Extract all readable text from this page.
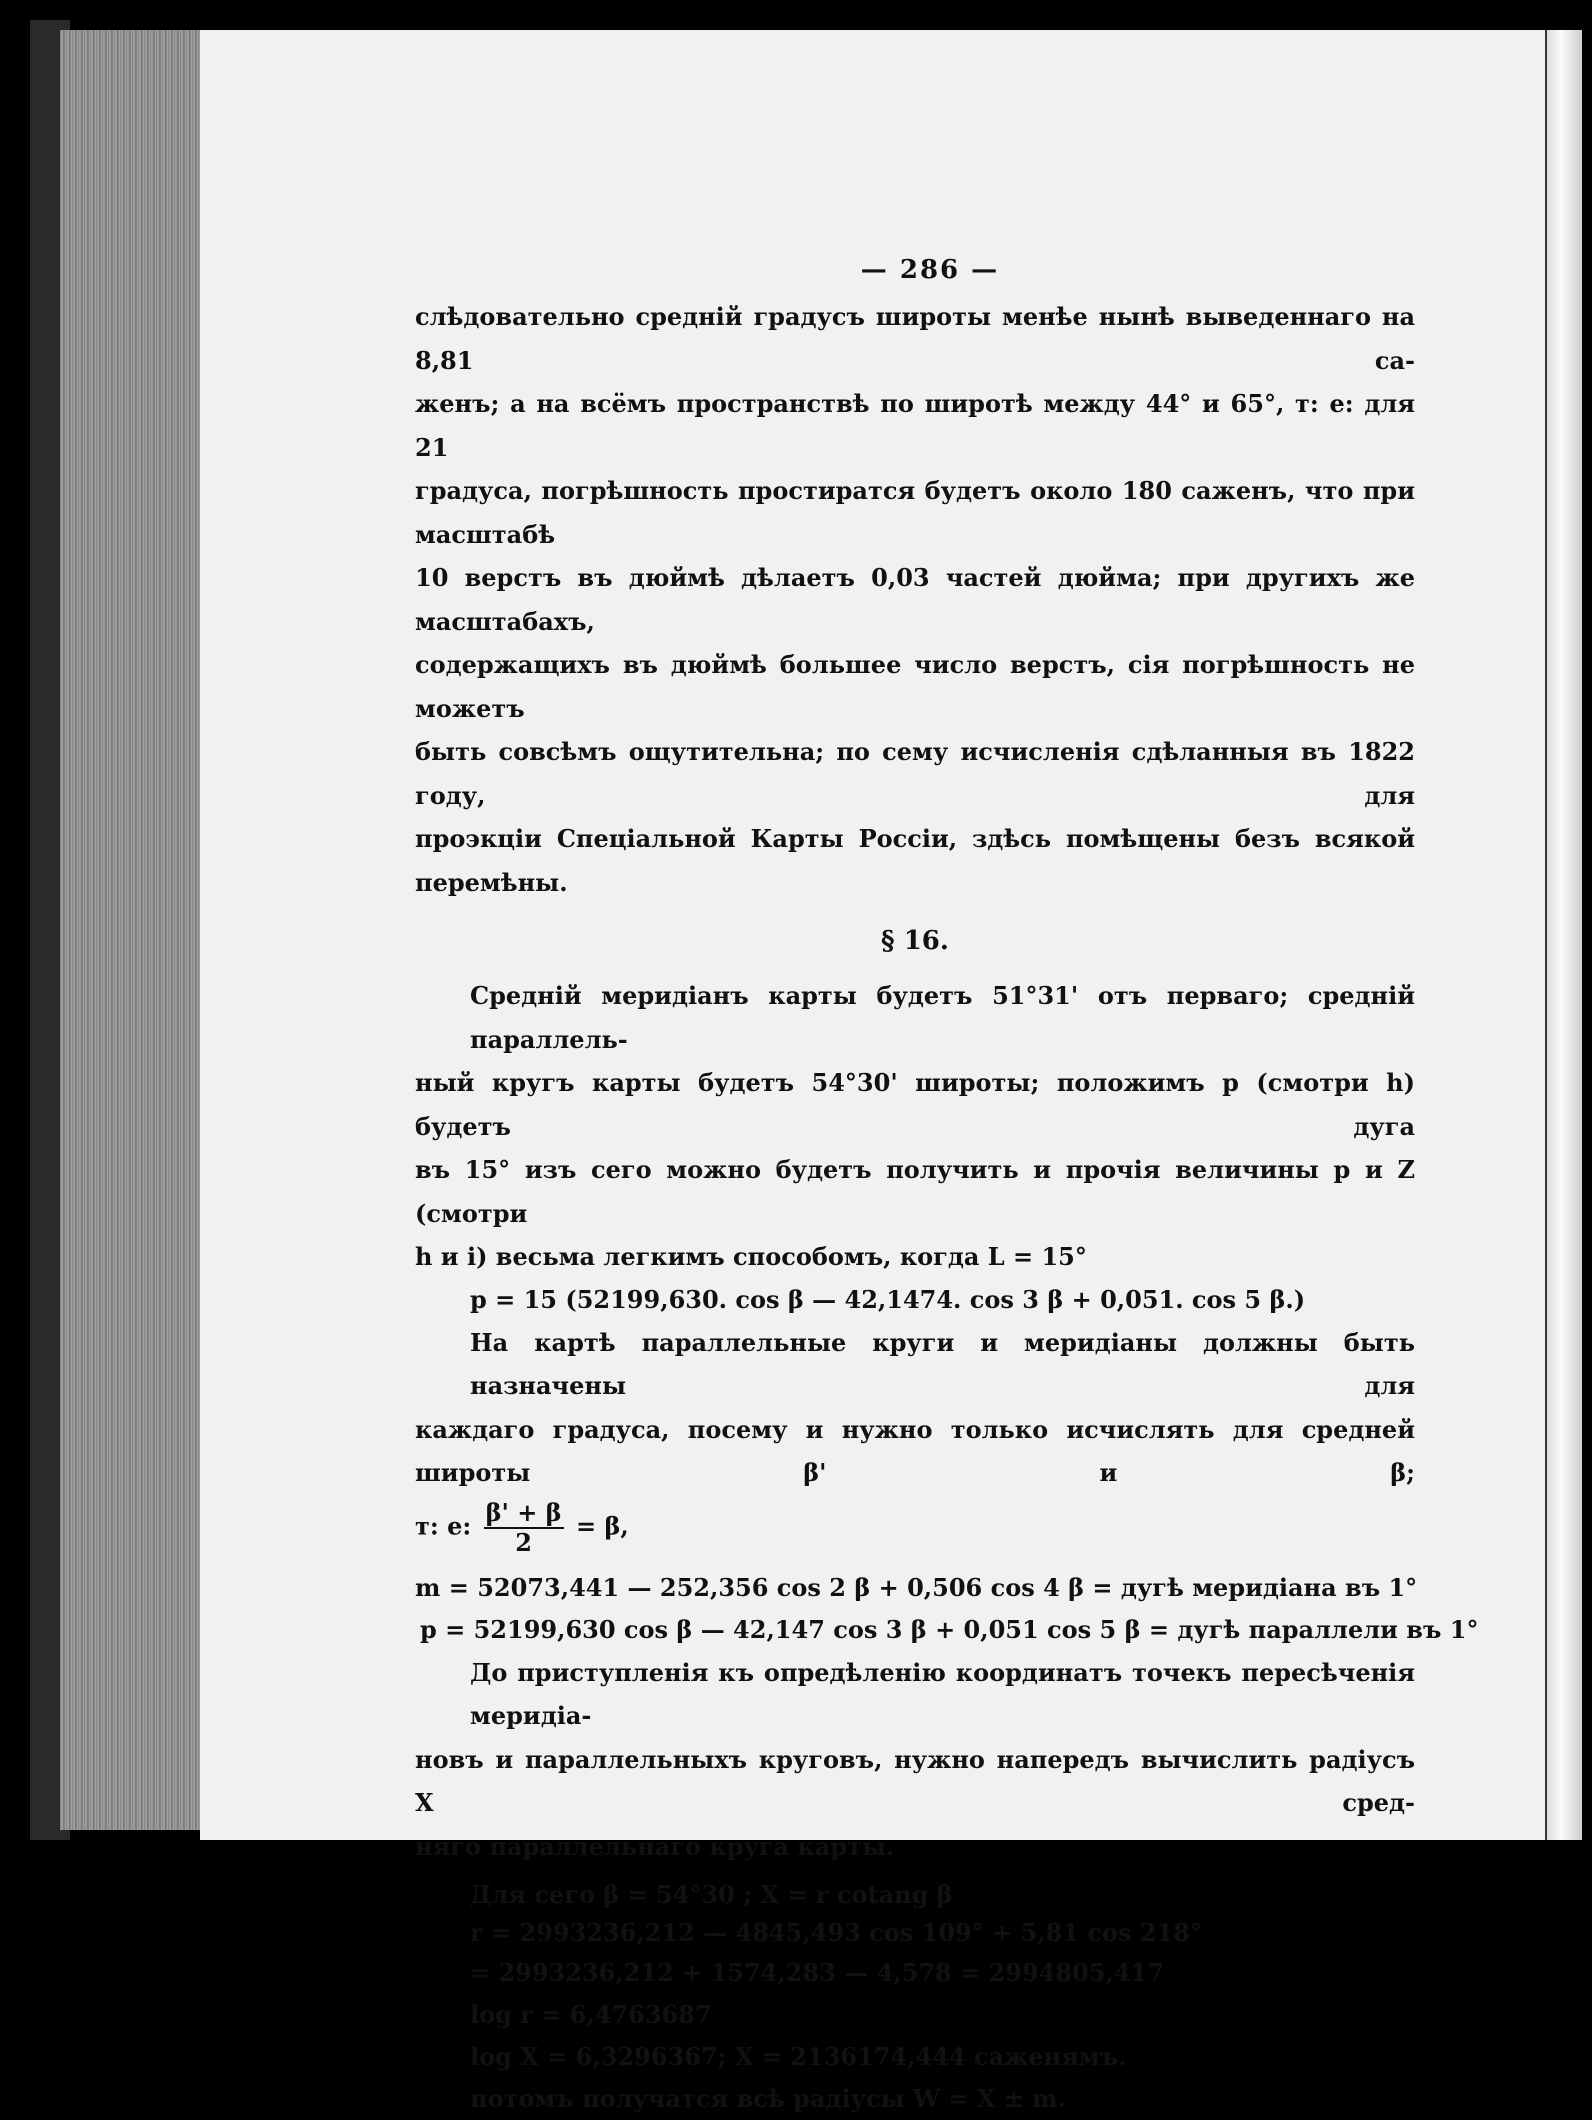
— 286 —
слѣдовательно средній градусъ широты менѣе нынѣ выведеннаго на 8,81 са-
женъ; а на всёмъ пространствѣ по широтѣ между 44° и 65°, т: е: для 21
градуса, погрѣшность простиратся будетъ около 180 саженъ, что при масштабѣ
10 верстъ въ дюймѣ дѣлаетъ 0,03 частей дюйма; при другихъ же масштабахъ,
содержащихъ въ дюймѣ большее число верстъ, сія погрѣшность не можетъ
быть совсѣмъ ощутительна; по сему исчисленія сдѣланныя въ 1822 году, для
проэкціи Спеціальной Карты Россіи, здѣсь помѣщены безъ всякой перемѣны.
§ 16.
Средній меридіанъ карты будетъ 51°31' отъ перваго; средній параллель-
ный кругъ карты будетъ 54°30' широты; положимъ p (смотри h) будетъ дуга
въ 15° изъ сего можно будетъ получить и прочія величины p и Z (смотри
h и i) весьма легкимъ способомъ, когда L = 15°
p = 15 (52199,630. cos β — 42,1474. cos 3 β + 0,051. cos 5 β.)
На картѣ параллельные круги и меридіаны должны быть назначены для
каждаго градуса, посему и нужно только исчислять для средней широты β' и β;
т: е: $\frac{\beta' + \beta}{2} = \beta$,
m = 52073,441 — 252,356 cos 2 β + 0,506 cos 4 β = дугѣ меридіана въ 1°
p = 52199,630 cos β — 42,147 cos 3 β + 0,051 cos 5 β = дугѣ параллели въ 1°
До приступленія къ опредѣленію координатъ точекъ пересѣченія меридіа-
новъ и параллельныхъ круговъ, нужно напередъ вычислить радіусъ X сред-
няго параллельнаго круга карты.
Для сего β = 54°30 ; X = r cotang β
r = 2993236,212 — 4845,493 cos 109° + 5,81 cos 218°
= 2993236,212 + 1574,283 — 4,578 = 2994805,417
log r = 6,4763687
log X = 6,3296367; X = 2136174,444 саженямъ.
потомъ получатся всѣ радіусы W = X ± m.
